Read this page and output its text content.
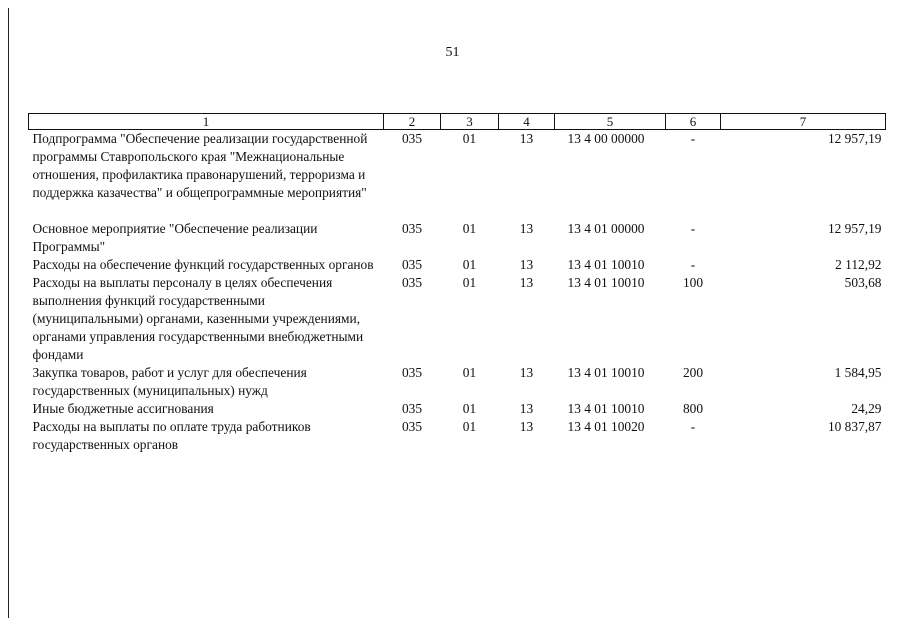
51
1	2	3	4	5	6	7
Подпрограмма "Обеспечение реализации государственной программы Ставропольского края "Межнациональные отношения, профилактика правонарушений, терроризма и поддержка казачества" и общепрограммные мероприятия"	035	01	13	13 4 00 00000	-	12 957,19

Основное мероприятие "Обеспечение реализации Программы"	035	01	13	13 4 01 00000	-	12 957,19
Расходы на обеспечение функций государственных органов	035	01	13	13 4 01 10010	-	2 112,92
Расходы на выплаты персоналу в целях обеспечения выполнения функций государственными (муниципальными) органами, казенными учреждениями, органами управления государственными внебюджетными фондами	035	01	13	13 4 01 10010	100	503,68
Закупка товаров, работ и услуг для обеспечения государственных (муниципальных) нужд	035	01	13	13 4 01 10010	200	1 584,95
Иные бюджетные ассигнования	035	01	13	13 4 01 10010	800	24,29
Расходы на выплаты по оплате труда работников государственных органов	035	01	13	13 4 01 10020	-	10 837,87
